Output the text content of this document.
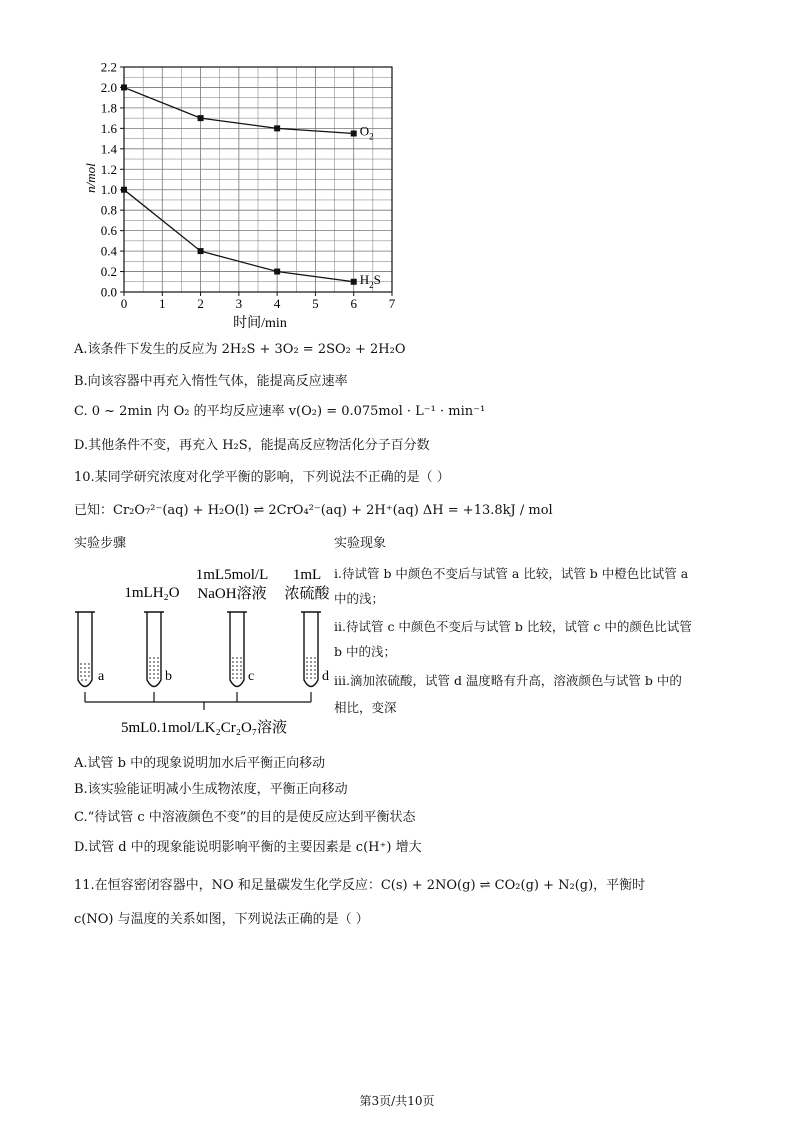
0.0
0.2
0.4
0.6
0.8
1.0
1.2
1.4
1.6
1.8
2.0
2.2
0 1 2 3 4 5 6 7
$O_2$
$H_2S$
n/mol
时间/min
A.该条件下发生的反应为 2H₂S + 3O₂ = 2SO₂ + 2H₂O
B.向该容器中再充入惰性气体，能提高反应速率
C. 0 ~ 2min 内 O₂ 的平均反应速率 v(O₂) = 0.075mol · L⁻¹ · min⁻¹
D.其他条件不变，再充入 H₂S，能提高反应物活化分子百分数
10.某同学研究浓度对化学平衡的影响，下列说法不正确的是（ ）
已知：Cr₂O₇²⁻(aq) + H₂O(l) ⇌ 2CrO₄²⁻(aq) + 2H⁺(aq) ΔH = +13.8kJ / mol
实验步骤	实验现象
a	b	c	d
1mLH₂O
1mL5mol/L
NaOH溶液
1mL
浓硫酸
5mL0.1mol/LK₂Cr₂O₇溶液
i.待试管 b 中颜色不变后与试管 a 比较，试管 b 中橙色比试管 a
中的浅；
ii.待试管 c 中颜色不变后与试管 b 比较，试管 c 中的颜色比试管
b 中的浅；
iii.滴加浓硫酸，试管 d 温度略有升高，溶液颜色与试管 b 中的
相比，变深
A.试管 b 中的现象说明加水后平衡正向移动
B.该实验能证明减小生成物浓度，平衡正向移动
C.“待试管 c 中溶液颜色不变”的目的是使反应达到平衡状态
D.试管 d 中的现象能说明影响平衡的主要因素是 c(H⁺) 增大
11.在恒容密闭容器中，NO 和足量碳发生化学反应：C(s) + 2NO(g) ⇌ CO₂(g) + N₂(g)，平衡时
c(NO) 与温度的关系如图，下列说法正确的是（ ）
第3页/共10页
